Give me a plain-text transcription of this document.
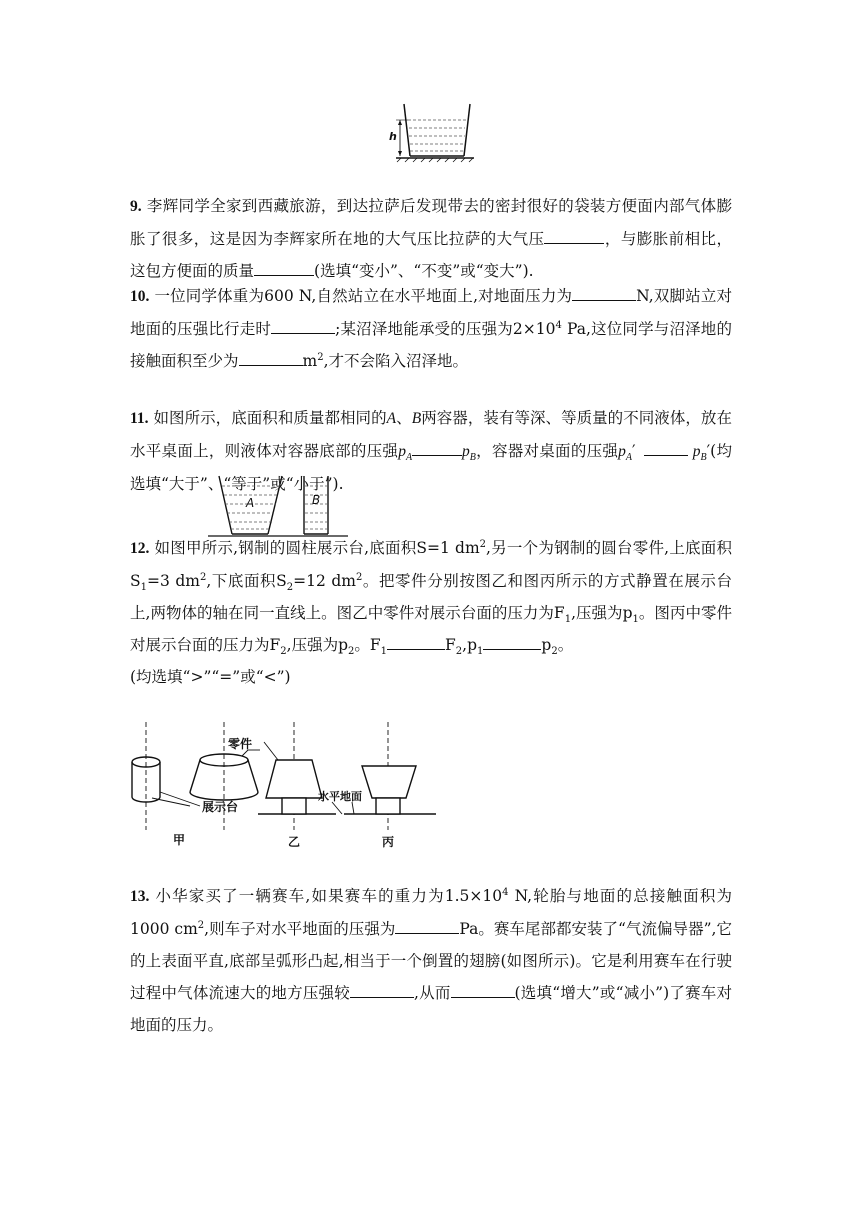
h
9. 李辉同学全家到西藏旅游，到达拉萨后发现带去的密封很好的袋装方便面内部气体膨胀了很多，这是因为李辉家所在地的大气压比拉萨的大气压	，与膨胀前相比，这包方便面的质量	(选填“变小”、“不变”或“变大”).
10. 一位同学体重为600 N,自然站立在水平地面上,对地面压力为	N,双脚站立对地面的压强比行走时	;某沼泽地能承受的压强为$2\times 10^4$ Pa,这位同学与沼泽地的接触面积至少为	$m^2$,才不会陷入沼泽地。
11. 如图所示，底面积和质量都相同的A、B两容器，装有等深、等质量的不同液体，放在水平桌面上，则液体对容器底部的压强$p_A$	$p_B$，容器对桌面的压强$p_A'$	$p_B'$(均选填“大于”、“等于”或“小于”).
A	B
12. 如图甲所示,钢制的圆柱展示台,底面积S=1 $dm^2$,另一个为钢制的圆台零件,上底面积$S_1=3$ $dm^2$,下底面积$S_2=12$ $dm^2$。把零件分别按图乙和图丙所示的方式静置在展示台上,两物体的轴在同一直线上。图乙中零件对展示台面的压力为$F_1$,压强为$p_1$。图丙中零件对展示台面的压力为$F_2$,压强为$p_2$。$F_1$	$F_2,p_1$	$p_2$。
(均选填“>”“=”或“<”)
零件
展示台
甲	乙
水平地面
丙
13. 小华家买了一辆赛车,如果赛车的重力为$1.5\times 10^4$ N,轮胎与地面的总接触面积为1000 $cm^2$,则车子对水平地面的压强为	Pa。赛车尾部都安装了“气流偏导器”,它的上表面平直,底部呈弧形凸起,相当于一个倒置的翅膀(如图所示)。它是利用赛车在行驶过程中气体流速大的地方压强较	,从而	(选填“增大”或“减小”)了赛车对地面的压力。
